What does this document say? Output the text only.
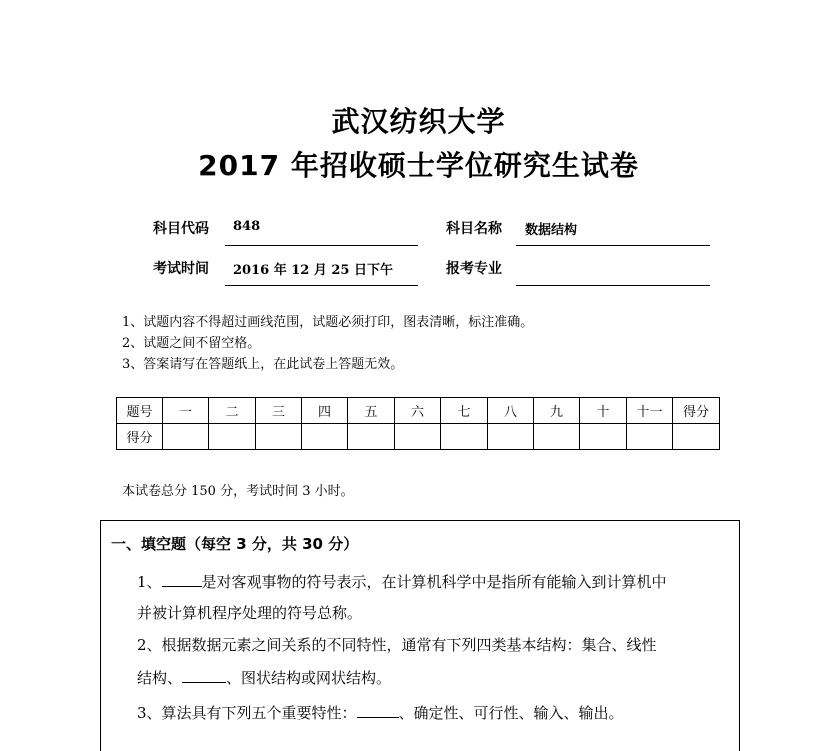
武汉纺织大学
2017 年招收硕士学位研究生试卷
科目代码 848	科目名称 数据结构
考试时间 2016 年 12 月 25 日下午	报考专业
1、试题内容不得超过画线范围，试题必须打印，图表清晰，标注准确。
2、试题之间不留空格。
3、答案请写在答题纸上，在此试卷上答题无效。
题号	一	二	三	四	五	六	七	八	九	十	十一	得分
得分												
本试卷总分 150 分，考试时间 3 小时。
一、填空题（每空 3 分，共 30 分）
1、	是对客观事物的符号表示，在计算机科学中是指所有能输入到计算机中
并被计算机程序处理的符号总称。
2、根据数据元素之间关系的不同特性，通常有下列四类基本结构：集合、线性
结构、	、图状结构或网状结构。
3、算法具有下列五个重要特性：	、确定性、可行性、输入、输出。
